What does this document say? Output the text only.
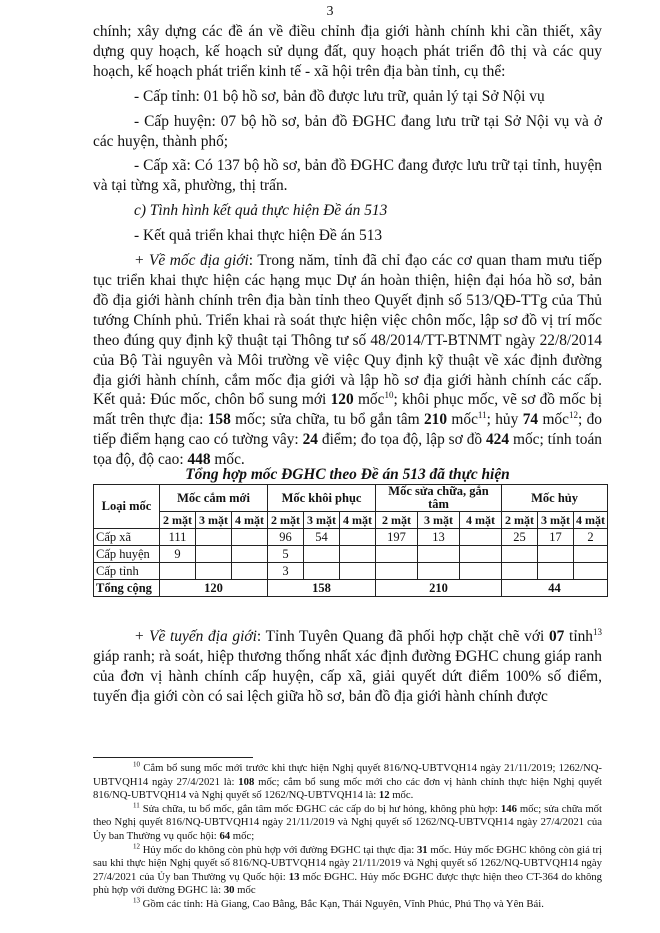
3

chính; xây dựng các đề án về điều chỉnh địa giới hành chính khi cần thiết, xây dựng quy hoạch, kế hoạch sử dụng đất, quy hoạch phát triển đô thị và các quy hoạch, kế hoạch phát triển kinh tế - xã hội trên địa bàn tỉnh, cụ thể:

- Cấp tỉnh: 01 bộ hồ sơ, bản đồ được lưu trữ, quản lý tại Sở Nội vụ

- Cấp huyện: 07 bộ hồ sơ, bản đồ ĐGHC đang lưu trữ tại Sở Nội vụ và ở các huyện, thành phố;

- Cấp xã: Có 137 bộ hồ sơ, bản đồ ĐGHC đang được lưu trữ tại tỉnh, huyện và tại từng xã, phường, thị trấn.

c) Tình hình kết quả thực hiện Đề án 513

- Kết quả triển khai thực hiện Đề án 513

+ Về mốc địa giới: Trong năm, tỉnh đã chỉ đạo các cơ quan tham mưu tiếp tục triển khai thực hiện các hạng mục Dự án hoàn thiện, hiện đại hóa hồ sơ, bản đồ địa giới hành chính trên địa bàn tỉnh theo Quyết định số 513/QĐ-TTg của Thủ tướng Chính phủ. Triển khai rà soát thực hiện việc chôn mốc, lập sơ đồ vị trí mốc theo đúng quy định kỹ thuật tại Thông tư số 48/2014/TT-BTNMT ngày 22/8/2014 của Bộ Tài nguyên và Môi trường về việc Quy định kỹ thuật về xác định đường địa giới hành chính, cắm mốc địa giới và lập hồ sơ địa giới hành chính các cấp. Kết quả: Đúc mốc, chôn bổ sung mới 120 mốc$^{10}$; khôi phục mốc, vẽ sơ đồ mốc bị mất trên thực địa: 158 mốc; sửa chữa, tu bổ gắn tâm 210 mốc$^{11}$; hủy 74 mốc$^{12}$; đo tiếp điểm hạng cao có tường vây: 24 điểm; đo tọa độ, lập sơ đồ 424 mốc; tính toán tọa độ, độ cao: 448 mốc.

Tổng hợp mốc ĐGHC theo Đề án 513 đã thực hiện
Loại mốc	Mốc cắm mới			Mốc khôi phục			Mốc sửa chữa, gắn tâm			Mốc hủy		
	2 mặt	3 mặt	4 mặt	2 mặt	3 mặt	4 mặt	2 mặt	3 mặt	4 mặt	2 mặt	3 mặt	4 mặt
Cấp xã	111			96	54		197	13		25	17	2
Cấp huyện	9			5								
Cấp tỉnh				3								
Tổng cộng	120			158			210			44		

+ Về tuyến địa giới: Tỉnh Tuyên Quang đã phối hợp chặt chẽ với 07 tỉnh$^{13}$ giáp ranh; rà soát, hiệp thương thống nhất xác định đường ĐGHC chung giáp ranh của đơn vị hành chính cấp huyện, cấp xã, giải quyết dứt điểm 100% số điểm, tuyến địa giới còn có sai lệch giữa hồ sơ, bản đồ địa giới hành chính được

$^{10}$ Cắm bổ sung mốc mới trước khi thực hiện Nghị quyết 816/NQ-UBTVQH14 ngày 21/11/2019; 1262/NQ-UBTVQH14 ngày 27/4/2021 là: 108 mốc; cắm bổ sung mốc mới cho các đơn vị hành chính thực hiện Nghị quyết 816/NQ-UBTVQH14 và Nghị quyết số 1262/NQ-UBTVQH14 là: 12 mốc.

$^{11}$ Sửa chữa, tu bổ mốc, gắn tâm mốc ĐGHC các cấp do bị hư hỏng, không phù hợp: 146 mốc; sửa chữa mốt theo Nghị quyết 816/NQ-UBTVQH14 ngày 21/11/2019 và Nghị quyết số 1262/NQ-UBTVQH14 ngày 27/4/2021 của Ủy ban Thường vụ quốc hội: 64 mốc;

$^{12}$ Hủy mốc do không còn phù hợp với đường ĐGHC tại thực địa: 31 mốc. Hủy mốc ĐGHC không còn giá trị sau khi thực hiện Nghị quyết số 816/NQ-UBTVQH14 ngày 21/11/2019 và Nghị quyết số 1262/NQ-UBTVQH14 ngày 27/4/2021 của Ủy ban Thường vụ Quốc hội: 13 mốc ĐGHC. Hủy mốc ĐGHC được thực hiện theo CT-364 do không phù hợp với đường ĐGHC là: 30 mốc

$^{13}$ Gồm các tỉnh: Hà Giang, Cao Bằng, Bắc Kạn, Thái Nguyên, Vĩnh Phúc, Phú Thọ và Yên Bái.
